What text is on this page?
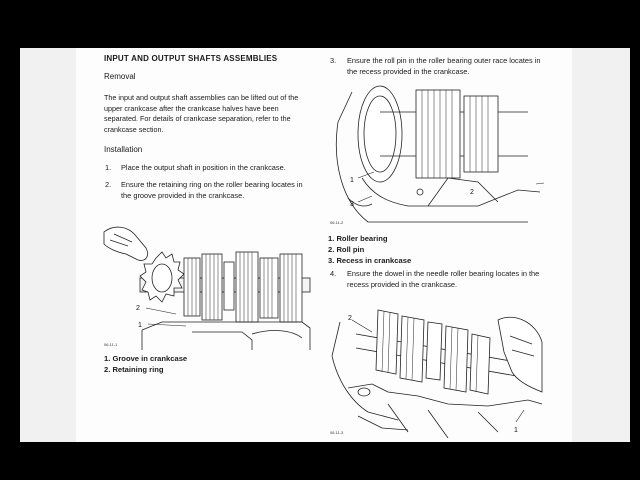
INPUT AND OUTPUT SHAFTS ASSEMBLIES
Removal
The input and output shaft assemblies can be lifted out of the upper crankcase after the crankcase halves have been separated. For details of crankcase separation, refer to the crankcase section.
Installation
1. Place the output shaft in position in the crankcase.
2. Ensure the retaining ring on the roller bearing locates in the groove provided in the crankcase.
2
1
06.11-1
1. Groove in crankcase
2. Retaining ring
3. Ensure the roll pin in the roller bearing outer race locates in the recess provided in the crankcase.
1
2
3
06.11-2
1. Roller bearing
2. Roll pin
3. Recess in crankcase
4. Ensure the dowel in the needle roller bearing locates in the recess provided in the crankcase.
2
1
06.11-3
